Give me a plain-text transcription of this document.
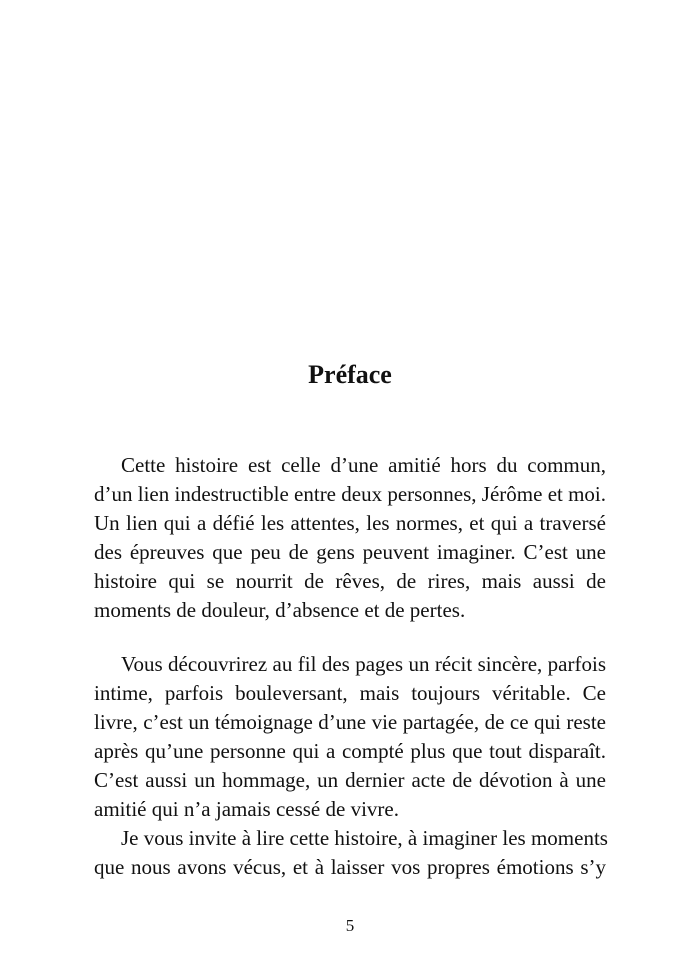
Préface
Cette histoire est celle d’une amitié hors du commun,
d’un lien indestructible entre deux personnes, Jérôme et moi.
Un lien qui a défié les attentes, les normes, et qui a traversé
des épreuves que peu de gens peuvent imaginer. C’est une
histoire qui se nourrit de rêves, de rires, mais aussi de
moments de douleur, d’absence et de pertes.
Vous découvrirez au fil des pages un récit sincère, parfois
intime, parfois bouleversant, mais toujours véritable. Ce
livre, c’est un témoignage d’une vie partagée, de ce qui reste
après qu’une personne qui a compté plus que tout disparaît.
C’est aussi un hommage, un dernier acte de dévotion à une
amitié qui n’a jamais cessé de vivre.
Je vous invite à lire cette histoire, à imaginer les moments
que nous avons vécus, et à laisser vos propres émotions s’y
5
